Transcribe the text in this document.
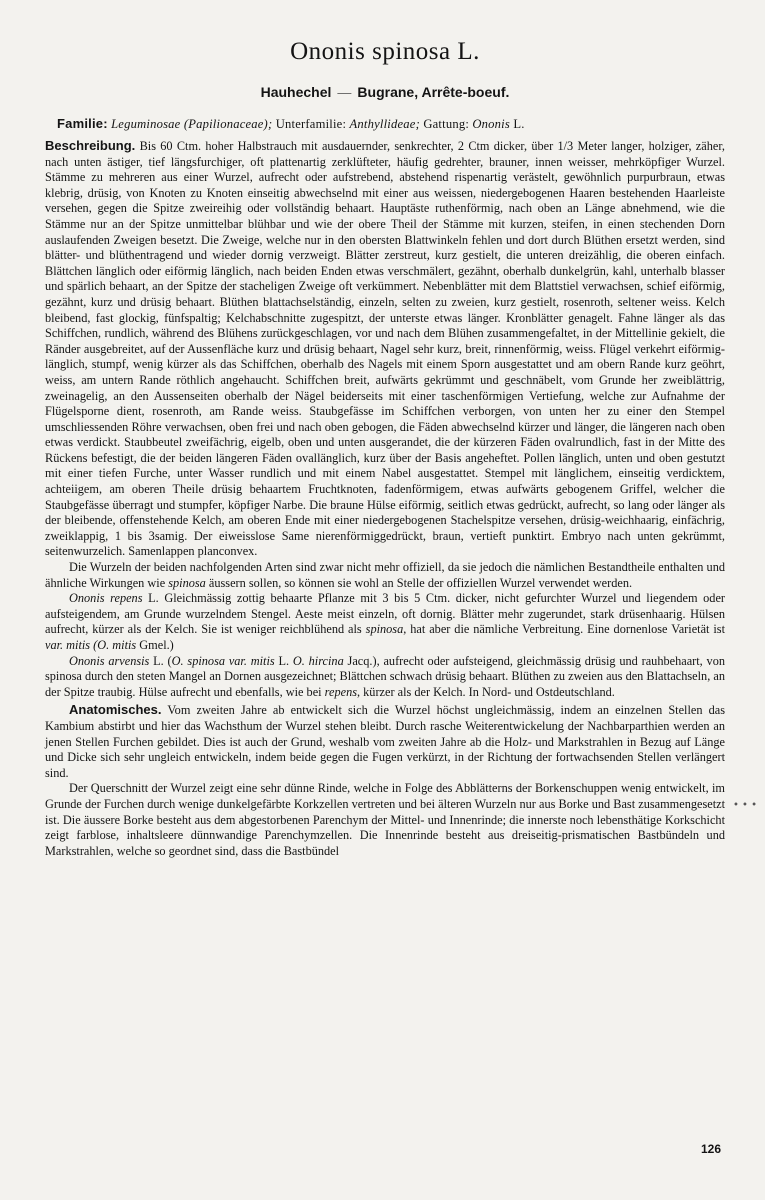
Ononis spinosa L.
Hauhechel — Bugrane, Arrête-boeuf.
Familie: Leguminosae (Papilionaceae); Unterfamilie: Anthyllideae; Gattung: Ononis L.

Beschreibung. Bis 60 Ctm. hoher Halbstrauch mit ausdauernder, senkrechter, 2 Ctm dicker, über 1/3 Meter langer, holziger, zäher, nach unten ästiger, tief längsfurchiger, oft plattenartig zerklüfteter, häufig gedrehter, brauner, innen weisser, mehrköpfiger Wurzel. Stämme zu mehreren aus einer Wurzel, aufrecht oder aufstrebend, abstehend rispenartig verästelt, gewöhnlich purpurbraun, etwas klebrig, drüsig, von Knoten zu Knoten einseitig abwechselnd mit einer aus weissen, niedergebogenen Haaren bestehenden Haarleiste versehen, gegen die Spitze zweireihig oder vollständig behaart. Hauptäste ruthenförmig, nach oben an Länge abnehmend, wie die Stämme nur an der Spitze unmittelbar blühbar und wie der obere Theil der Stämme mit kurzen, steifen, in einen stechenden Dorn auslaufenden Zweigen besetzt. Die Zweige, welche nur in den obersten Blattwinkeln fehlen und dort durch Blüthen ersetzt werden, sind blätter- und blüthentragend und wieder dornig verzweigt. Blätter zerstreut, kurz gestielt, die unteren dreizählig, die oberen einfach. Blättchen länglich oder eiförmig länglich, nach beiden Enden etwas verschmälert, gezähnt, oberhalb dunkelgrün, kahl, unterhalb blasser und spärlich behaart, an der Spitze der stacheligen Zweige oft verkümmert. Nebenblätter mit dem Blattstiel verwachsen, schief eiförmig, gezähnt, kurz und drüsig behaart. Blüthen blattachselständig, einzeln, selten zu zweien, kurz gestielt, rosenroth, seltener weiss. Kelch bleibend, fast glockig, fünfspaltig; Kelchabschnitte zugespitzt, der unterste etwas länger. Kronblätter genagelt. Fahne länger als das Schiffchen, rundlich, während des Blühens zurückgeschlagen, vor und nach dem Blühen zusammengefaltet, in der Mittellinie gekielt, die Ränder ausgebreitet, auf der Aussenfläche kurz und drüsig behaart, Nagel sehr kurz, breit, rinnenförmig, weiss. Flügel verkehrt eiförmig-länglich, stumpf, wenig kürzer als das Schiffchen, oberhalb des Nagels mit einem Sporn ausgestattet und am obern Rande kurz geöhrt, weiss, am untern Rande röthlich angehaucht. Schiffchen breit, aufwärts gekrümmt und geschnäbelt, vom Grunde her zweiblättrig, zweinagelig, an den Aussenseiten oberhalb der Nägel beiderseits mit einer taschenförmigen Vertiefung, welche zur Aufnahme der Flügelsporne dient, rosenroth, am Rande weiss. Staubgefässe im Schiffchen verborgen, von unten her zu einer den Stempel umschliessenden Röhre verwachsen, oben frei und nach oben gebogen, die Fäden abwechselnd kürzer und länger, die längeren nach oben etwas verdickt. Staubbeutel zweifächrig, eigelb, oben und unten ausgerandet, die der kürzeren Fäden ovalrundlich, fast in der Mitte des Rückens befestigt, die der beiden längeren Fäden ovallänglich, kurz über der Basis angeheftet. Pollen länglich, unten und oben gestutzt mit einer tiefen Furche, unter Wasser rundlich und mit einem Nabel ausgestattet. Stempel mit länglichem, einseitig verdicktem, achteiigem, am oberen Theile drüsig behaartem Fruchtknoten, fadenförmigem, etwas aufwärts gebogenem Griffel, welcher die Staubgefässe überragt und stumpfer, köpfiger Narbe. Die braune Hülse eiförmig, seitlich etwas gedrückt, aufrecht, so lang oder länger als der bleibende, offenstehende Kelch, am oberen Ende mit einer niedergebogenen Stachelspitze versehen, drüsig-weichhaarig, einfächrig, zweiklappig, 1 bis 3samig. Der eiweisslose Same nierenförmiggedrückt, braun, vertieft punktirt. Embryo nach unten gekrümmt, seitenwurzelich. Samenlappen planconvex.

Die Wurzeln der beiden nachfolgenden Arten sind zwar nicht mehr offiziell, da sie jedoch die nämlichen Bestandtheile enthalten und ähnliche Wirkungen wie spinosa äussern sollen, so können sie wohl an Stelle der offiziellen Wurzel verwendet werden.

Ononis repens L. Gleichmässig zottig behaarte Pflanze mit 3 bis 5 Ctm. dicker, nicht gefurchter Wurzel und liegendem oder aufsteigendem, am Grunde wurzelndem Stengel. Aeste meist einzeln, oft dornig. Blätter mehr zugerundet, stark drüsenhaarig. Hülsen aufrecht, kürzer als der Kelch. Sie ist weniger reichblühend als spinosa, hat aber die nämliche Verbreitung. Eine dornenlose Varietät ist var. mitis (O. mitis Gmel.)

Ononis arvensis L. (O. spinosa var. mitis L. O. hircina Jacq.), aufrecht oder aufsteigend, gleichmässig drüsig und rauhbehaart, von spinosa durch den steten Mangel an Dornen ausgezeichnet; Blättchen schwach drüsig behaart. Blüthen zu zweien aus den Blattachseln, an der Spitze traubig. Hülse aufrecht und ebenfalls, wie bei repens, kürzer als der Kelch. In Nord- und Ostdeutschland.

Anatomisches. Vom zweiten Jahre ab entwickelt sich die Wurzel höchst ungleichmässig, indem an einzelnen Stellen das Kambium abstirbt und hier das Wachsthum der Wurzel stehen bleibt. Durch rasche Weiterentwickelung der Nachbarparthien werden an jenen Stellen Furchen gebildet. Dies ist auch der Grund, weshalb vom zweiten Jahre ab die Holz- und Markstrahlen in Bezug auf Länge und Dicke sich sehr ungleich entwickeln, indem beide gegen die Fugen verkürzt, in der Richtung der fortwachsenden Stellen verlängert sind.

Der Querschnitt der Wurzel zeigt eine sehr dünne Rinde, welche in Folge des Abblätterns der Borkenschuppen wenig entwickelt, im Grunde der Furchen durch wenige dunkelgefärbte Korkzellen vertreten und bei älteren Wurzeln nur aus Borke und Bast zusammengesetzt ist. Die äussere Borke besteht aus dem abgestorbenen Parenchym der Mittel- und Innenrinde; die innerste noch lebensthätige Korkschicht zeigt farblose, inhaltsleere dünnwandige Parenchymzellen. Die Innenrinde besteht aus dreiseitig-prismatischen Bastbündeln und Markstrahlen, welche so geordnet sind, dass die Bastbündel

• • •
126
